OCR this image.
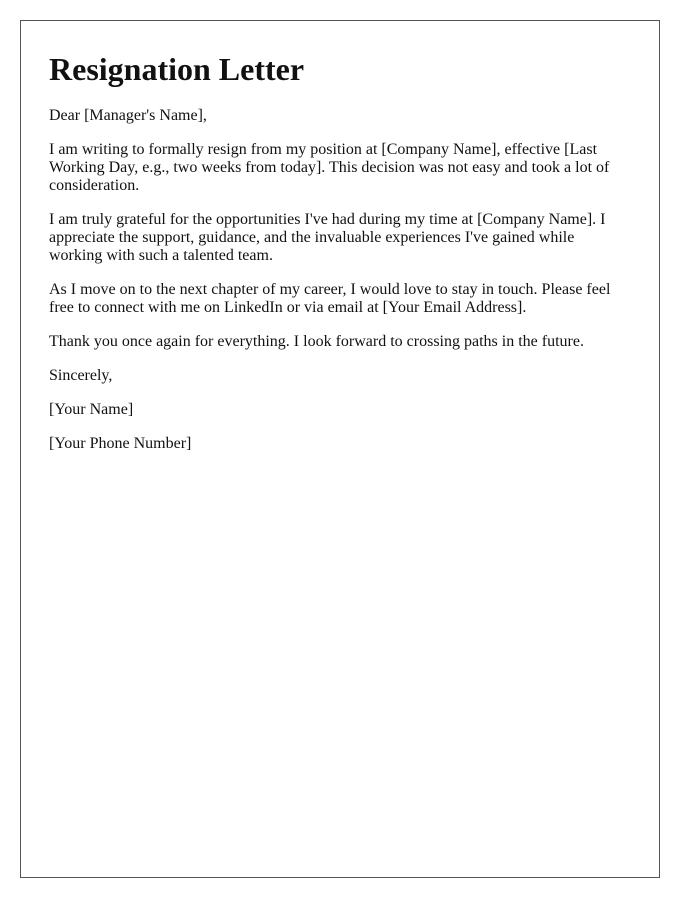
Resignation Letter

Dear [Manager's Name],

I am writing to formally resign from my position at [Company Name], effective [Last Working Day, e.g., two weeks from today]. This decision was not easy and took a lot of consideration.

I am truly grateful for the opportunities I've had during my time at [Company Name]. I appreciate the support, guidance, and the invaluable experiences I've gained while working with such a talented team.

As I move on to the next chapter of my career, I would love to stay in touch. Please feel free to connect with me on LinkedIn or via email at [Your Email Address].

Thank you once again for everything. I look forward to crossing paths in the future.

Sincerely,

[Your Name]

[Your Phone Number]
